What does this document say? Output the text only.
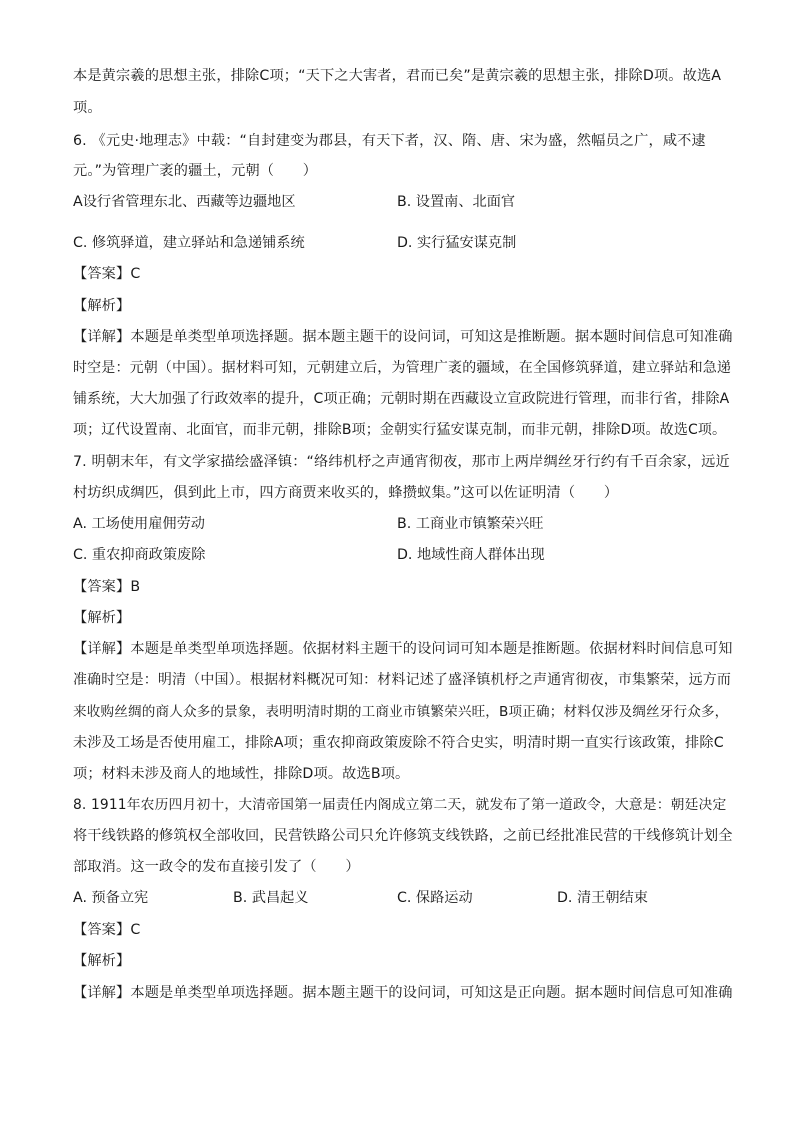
本是黄宗羲的思想主张，排除C项；“天下之大害者，君而已矣”是黄宗羲的思想主张，排除D项。故选A
项。
6. 《元史·地理志》中载：“自封建变为郡县，有天下者，汉、隋、唐、宋为盛，然幅员之广，咸不逮
元。”为管理广袤的疆土，元朝（　　）
A设行省管理东北、西藏等边疆地区	B. 设置南、北面官
C. 修筑驿道，建立驿站和急递铺系统	D. 实行猛安谋克制
【答案】C
【解析】
【详解】本题是单类型单项选择题。据本题主题干的设问词，可知这是推断题。据本题时间信息可知准确
时空是：元朝（中国）。据材料可知，元朝建立后，为管理广袤的疆域，在全国修筑驿道，建立驿站和急递
铺系统，大大加强了行政效率的提升，C项正确；元朝时期在西藏设立宣政院进行管理，而非行省，排除A
项；辽代设置南、北面官，而非元朝，排除B项；金朝实行猛安谋克制，而非元朝，排除D项。故选C项。
7. 明朝末年，有文学家描绘盛泽镇：“络纬机杼之声通宵彻夜，那市上两岸绸丝牙行约有千百余家，远近
村坊织成绸匹，俱到此上市，四方商贾来收买的，蜂攒蚁集。”这可以佐证明清（　　）
A. 工场使用雇佣劳动	B. 工商业市镇繁荣兴旺
C. 重农抑商政策废除	D. 地域性商人群体出现
【答案】B
【解析】
【详解】本题是单类型单项选择题。依据材料主题干的设问词可知本题是推断题。依据材料时间信息可知
准确时空是：明清（中国）。根据材料概况可知：材料记述了盛泽镇机杼之声通宵彻夜，市集繁荣，远方而
来收购丝绸的商人众多的景象，表明明清时期的工商业市镇繁荣兴旺，B项正确；材料仅涉及绸丝牙行众多，
未涉及工场是否使用雇工，排除A项；重农抑商政策废除不符合史实，明清时期一直实行该政策，排除C
项；材料未涉及商人的地域性，排除D项。故选B项。
8. 1911年农历四月初十，大清帝国第一届责任内阁成立第二天，就发布了第一道政令，大意是：朝廷决定
将干线铁路的修筑权全部收回，民营铁路公司只允许修筑支线铁路，之前已经批准民营的干线修筑计划全
部取消。这一政令的发布直接引发了（　　）
A. 预备立宪	B. 武昌起义	C. 保路运动	D. 清王朝结束
【答案】C
【解析】
【详解】本题是单类型单项选择题。据本题主题干的设问词，可知这是正向题。据本题时间信息可知准确
